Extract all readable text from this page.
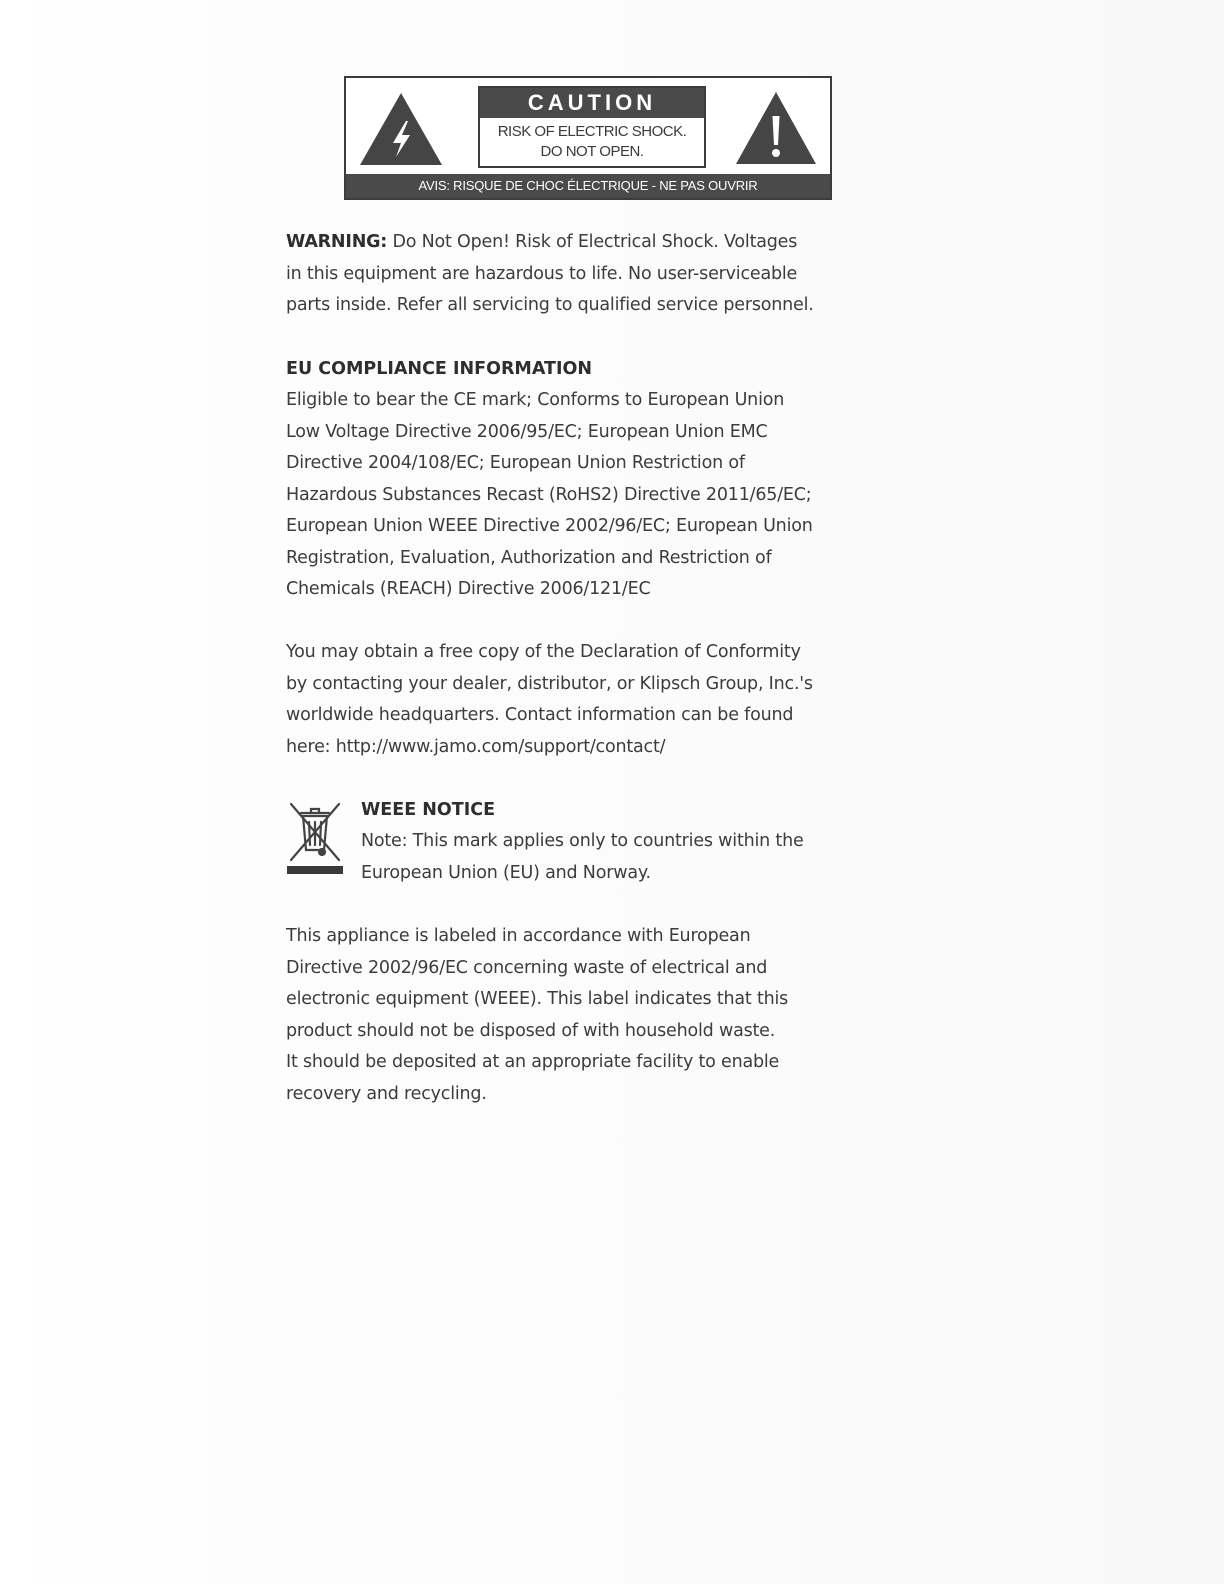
CAUTION
RISK OF ELECTRIC SHOCK.
DO NOT OPEN.
AVIS: RISQUE DE CHOC ÉLECTRIQUE - NE PAS OUVRIR
WARNING: Do Not Open! Risk of Electrical Shock. Voltages
in this equipment are hazardous to life. No user-serviceable
parts inside. Refer all servicing to qualified service personnel.
EU COMPLIANCE INFORMATION
Eligible to bear the CE mark; Conforms to European Union
Low Voltage Directive 2006/95/EC; European Union EMC
Directive 2004/108/EC; European Union Restriction of
Hazardous Substances Recast (RoHS2) Directive 2011/65/EC;
European Union WEEE Directive 2002/96/EC; European Union
Registration, Evaluation, Authorization and Restriction of
Chemicals (REACH) Directive 2006/121/EC
You may obtain a free copy of the Declaration of Conformity
by contacting your dealer, distributor, or Klipsch Group, Inc.'s
worldwide headquarters. Contact information can be found
here: http://www.jamo.com/support/contact/
WEEE NOTICE
Note: This mark applies only to countries within the
European Union (EU) and Norway.
This appliance is labeled in accordance with European
Directive 2002/96/EC concerning waste of electrical and
electronic equipment (WEEE). This label indicates that this
product should not be disposed of with household waste.
It should be deposited at an appropriate facility to enable
recovery and recycling.
